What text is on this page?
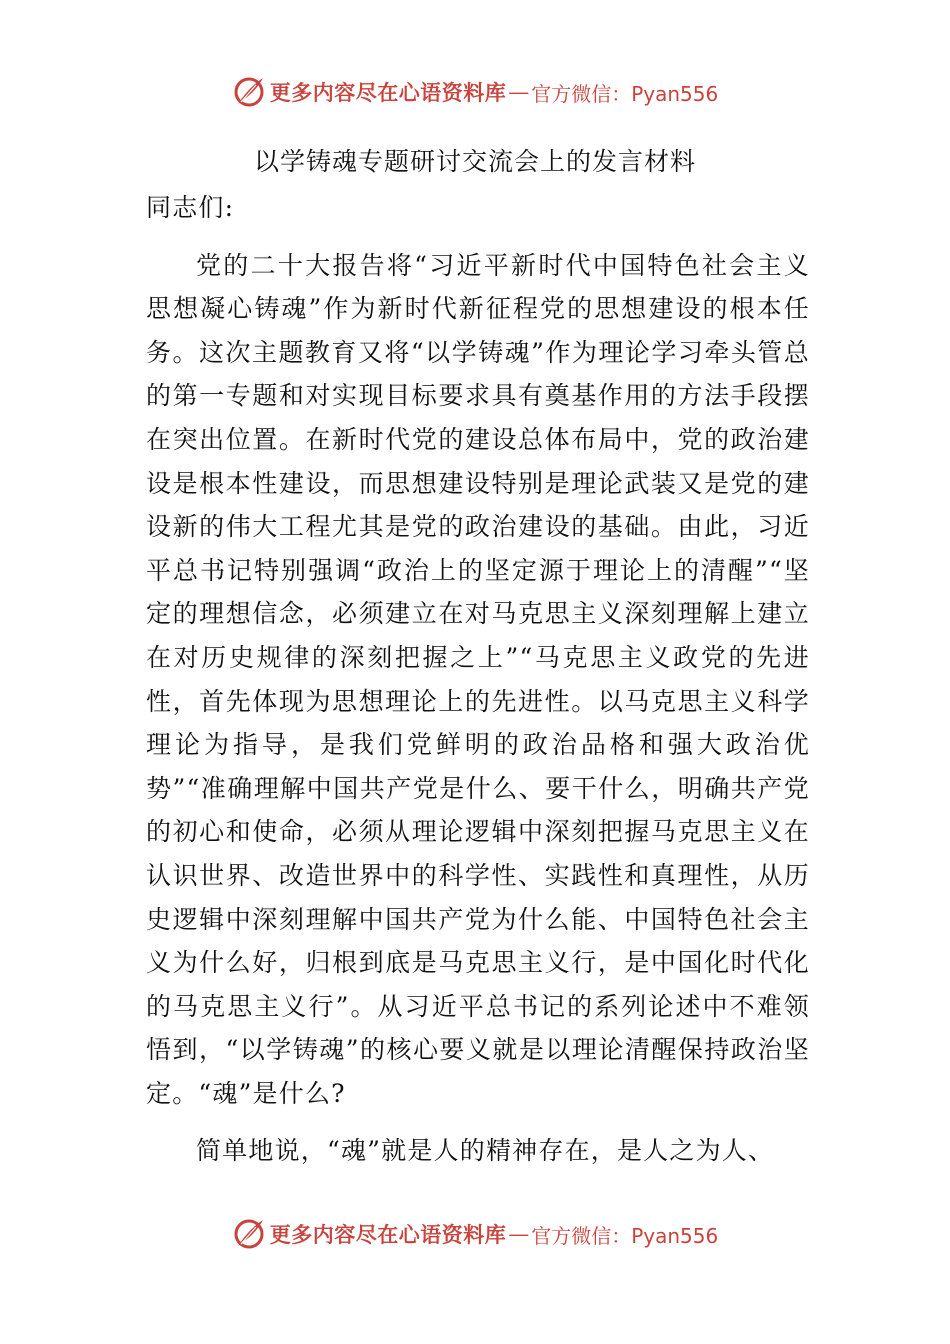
更多内容尽在心语资料库 — 官方微信：Pyan556
以学铸魂专题研讨交流会上的发言材料

同志们:

党的二十大报告将“习近平新时代中国特色社会主义思想凝心铸魂”作为新时代新征程党的思想建设的根本任务。这次主题教育又将“以学铸魂”作为理论学习牵头管总的第一专题和对实现目标要求具有奠基作用的方法手段摆在突出位置。在新时代党的建设总体布局中，党的政治建设是根本性建设，而思想建设特别是理论武装又是党的建设新的伟大工程尤其是党的政治建设的基础。由此，习近平总书记特别强调“政治上的坚定源于理论上的清醒”“坚定的理想信念，必须建立在对马克思主义深刻理解上建立在对历史规律的深刻把握之上”“马克思主义政党的先进性，首先体现为思想理论上的先进性。以马克思主义科学理论为指导，是我们党鲜明的政治品格和强大政治优势”“准确理解中国共产党是什么、要干什么，明确共产党的初心和使命，必须从理论逻辑中深刻把握马克思主义在认识世界、改造世界中的科学性、实践性和真理性，从历史逻辑中深刻理解中国共产党为什么能、中国特色社会主义为什么好，归根到底是马克思主义行，是中国化时代化的马克思主义行”。从习近平总书记的系列论述中不难领悟到，“以学铸魂”的核心要义就是以理论清醒保持政治坚定。“魂”是什么?

简单地说，“魂”就是人的精神存在，是人之为人、

更多内容尽在心语资料库 — 官方微信：Pyan556
